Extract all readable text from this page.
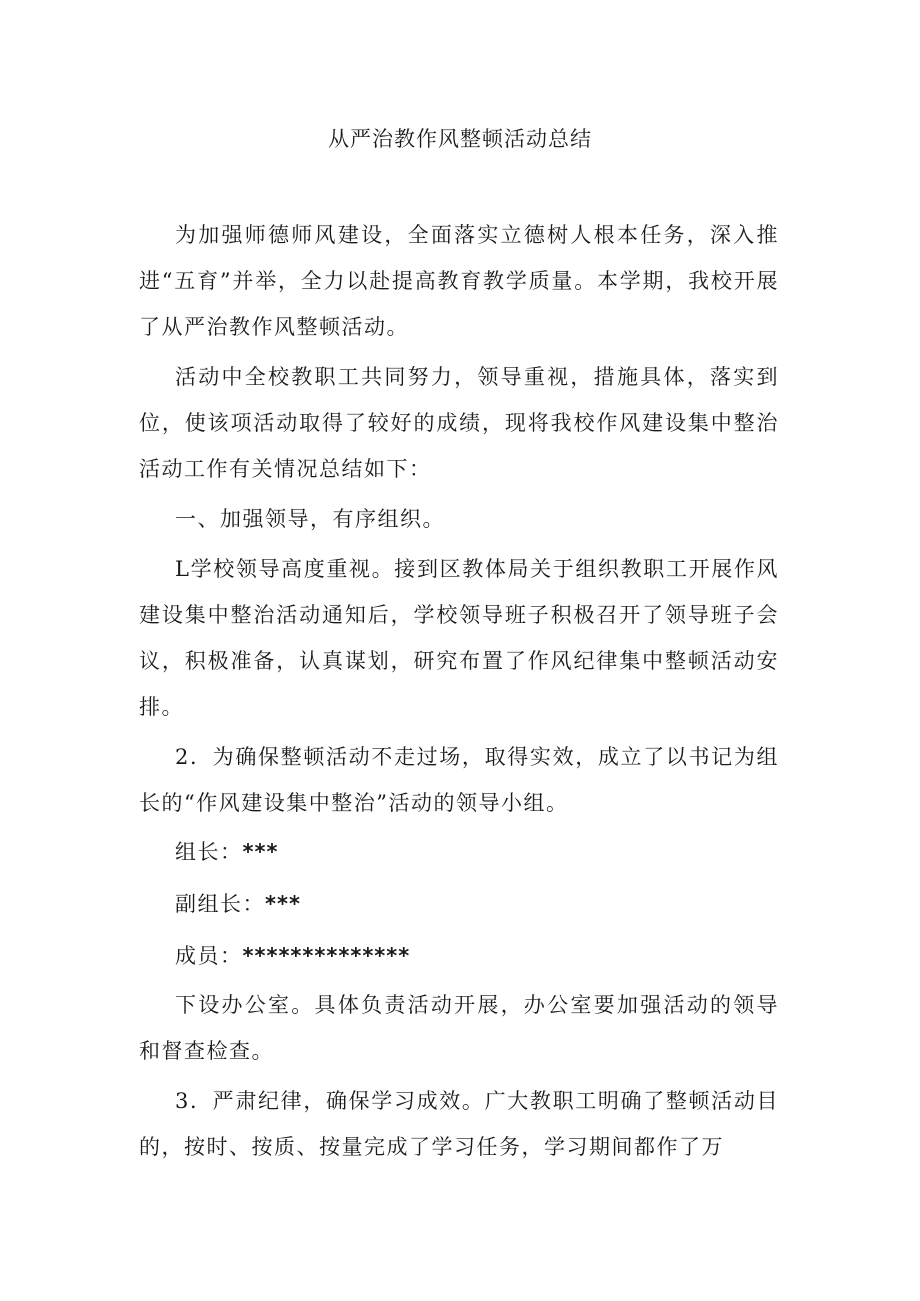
从严治教作风整顿活动总结

为加强师德师风建设，全面落实立德树人根本任务，深入推进“五育”并举，全力以赴提高教育教学质量。本学期，我校开展了从严治教作风整顿活动。

活动中全校教职工共同努力，领导重视，措施具体，落实到位，使该项活动取得了较好的成绩，现将我校作风建设集中整治活动工作有关情况总结如下：

一、加强领导，有序组织。

L学校领导高度重视。接到区教体局关于组织教职工开展作风建设集中整治活动通知后，学校领导班子积极召开了领导班子会议，积极准备，认真谋划，研究布置了作风纪律集中整顿活动安排。

2．为确保整顿活动不走过场，取得实效，成立了以书记为组长的“作风建设集中整治”活动的领导小组。

组长：***
副组长：***
成员：**************

下设办公室。具体负责活动开展，办公室要加强活动的领导和督查检查。

3．严肃纪律，确保学习成效。广大教职工明确了整顿活动目的，按时、按质、按量完成了学习任务，学习期间都作了万
